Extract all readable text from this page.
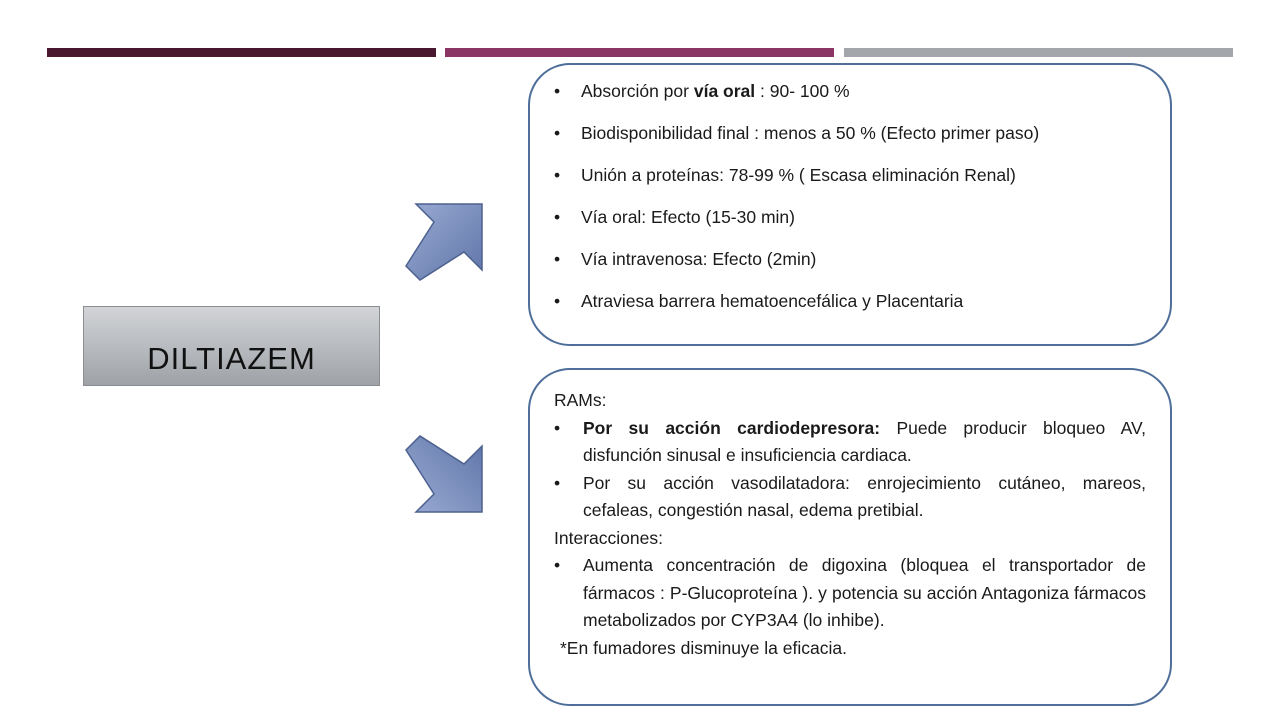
DILTIAZEM
• Absorción por vía oral : 90- 100 %
• Biodisponibilidad final : menos a 50 % (Efecto primer paso)
• Unión a proteínas: 78-99 % ( Escasa eliminación Renal)
• Vía oral: Efecto (15-30 min)
• Vía intravenosa: Efecto (2min)
• Atraviesa barrera hematoencefálica y Placentaria

RAMs:

• Por su acción cardiodepresora: Puede producir bloqueo AV, disfunción sinusal e insuficiencia cardiaca.

• Por su acción vasodilatadora: enrojecimiento cutáneo, mareos, cefaleas, congestión nasal, edema pretibial.

Interacciones:

• Aumenta concentración de digoxina (bloquea el transportador de fármacos : P-Glucoproteína ). y potencia su acción Antagoniza fármacos metabolizados por CYP3A4 (lo inhibe).

*En fumadores disminuye la eficacia.
